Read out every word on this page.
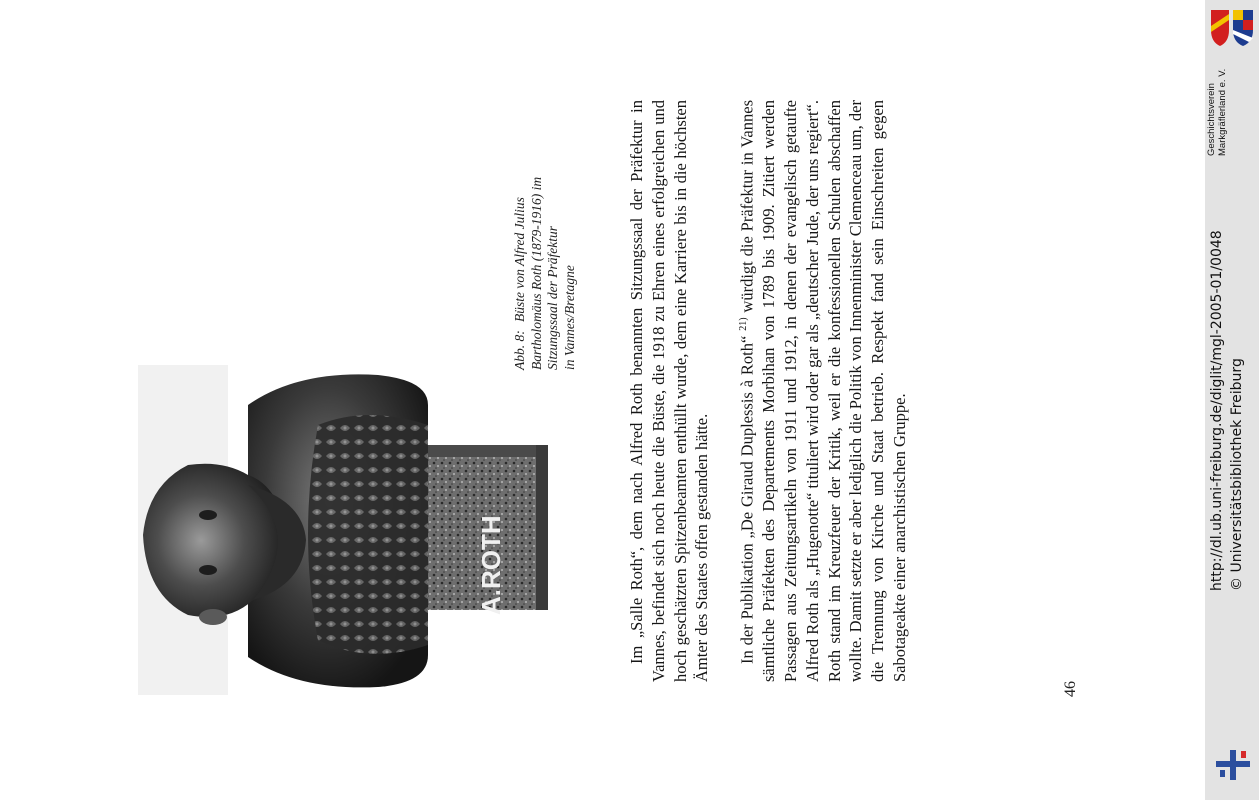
A.ROTH
Abb. 8:
Büste von Alfred Julius Bartholomäus Roth (1879-1916) im Sitzungssaal der Präfektur in Vannes/Bretagne	Im „Salle Roth“, dem nach Alfred Roth benannten Sitzungssaal der Präfektur in Vannes, befindet sich noch heute die Büste, die 1918 zu Ehren eines erfolgreichen und hoch geschätzten Spitzenbeamten enthüllt wurde, dem eine Karriere bis in die höchsten Ämter des Staates offen gestanden hätte. In der Publikation „De Giraud Duplessis à Roth“ $^{21)}$ würdigt die Präfektur in Vannes sämtliche Präfekten des Departements Morbihan von 1789 bis 1909. Zitiert werden Passagen aus Zeitungsartikeln von 1911 und 1912, in denen der evangelisch getaufte Alfred Roth als „Hugenotte“ tituliert wird oder gar als „deutscher Jude, der uns regiert“. Roth stand im Kreuzfeuer der Kritik, weil er die konfessionellen Schulen abschaffen wollte. Damit setzte er aber lediglich die Politik von Innenminister Clemenceau um, der die Trennung von Kirche und Staat betrieb. Respekt fand sein Einschreiten gegen Sabotageakte einer anarchistischen Gruppe.

46
Geschichtsverein Markgräflerland e. V.
http://dl.ub.uni-freiburg.de/diglit/mgl-2005-01/0048 © Universitätsbibliothek Freiburg
